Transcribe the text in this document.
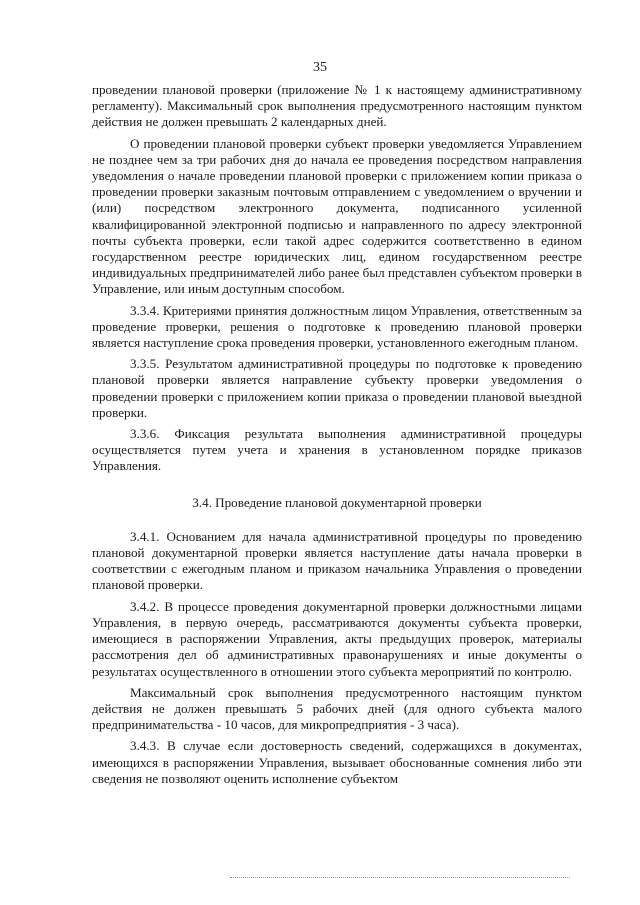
35

проведении плановой проверки (приложение № 1 к настоящему административному регламенту). Максимальный срок выполнения предусмотренного настоящим пунктом действия не должен превышать 2 календарных дней.

О проведении плановой проверки субъект проверки уведомляется Управлением не позднее чем за три рабочих дня до начала ее проведения посредством направления уведомления о начале проведении плановой проверки с приложением копии приказа о проведении проверки заказным почтовым отправлением с уведомлением о вручении и (или) посредством электронного документа, подписанного усиленной квалифицированной электронной подписью и направленного по адресу электронной почты субъекта проверки, если такой адрес содержится соответственно в едином государственном реестре юридических лиц, едином государственном реестре индивидуальных предпринимателей либо ранее был представлен субъектом проверки в Управление, или иным доступным способом.

3.3.4. Критериями принятия должностным лицом Управления, ответственным за проведение проверки, решения о подготовке к проведению плановой проверки является наступление срока проведения проверки, установленного ежегодным планом.

3.3.5. Результатом административной процедуры по подготовке к проведению плановой проверки является направление субъекту проверки уведомления о проведении проверки с приложением копии приказа о проведении плановой выездной проверки.

3.3.6. Фиксация результата выполнения административной процедуры осуществляется путем учета и хранения в установленном порядке приказов Управления.

3.4. Проведение плановой документарной проверки

3.4.1. Основанием для начала административной процедуры по проведению плановой документарной проверки является наступление даты начала проверки в соответствии с ежегодным планом и приказом начальника Управления о проведении плановой проверки.

3.4.2. В процессе проведения документарной проверки должностными лицами Управления, в первую очередь, рассматриваются документы субъекта проверки, имеющиеся в распоряжении Управления, акты предыдущих проверок, материалы рассмотрения дел об административных правонарушениях и иные документы о результатах осуществленного в отношении этого субъекта мероприятий по контролю.

Максимальный срок выполнения предусмотренного настоящим пунктом действия не должен превышать 5 рабочих дней (для одного субъекта малого предпринимательства - 10 часов, для микропредприятия - 3 часа).

3.4.3. В случае если достоверность сведений, содержащихся в документах, имеющихся в распоряжении Управления, вызывает обоснованные сомнения либо эти сведения не позволяют оценить исполнение субъектом
